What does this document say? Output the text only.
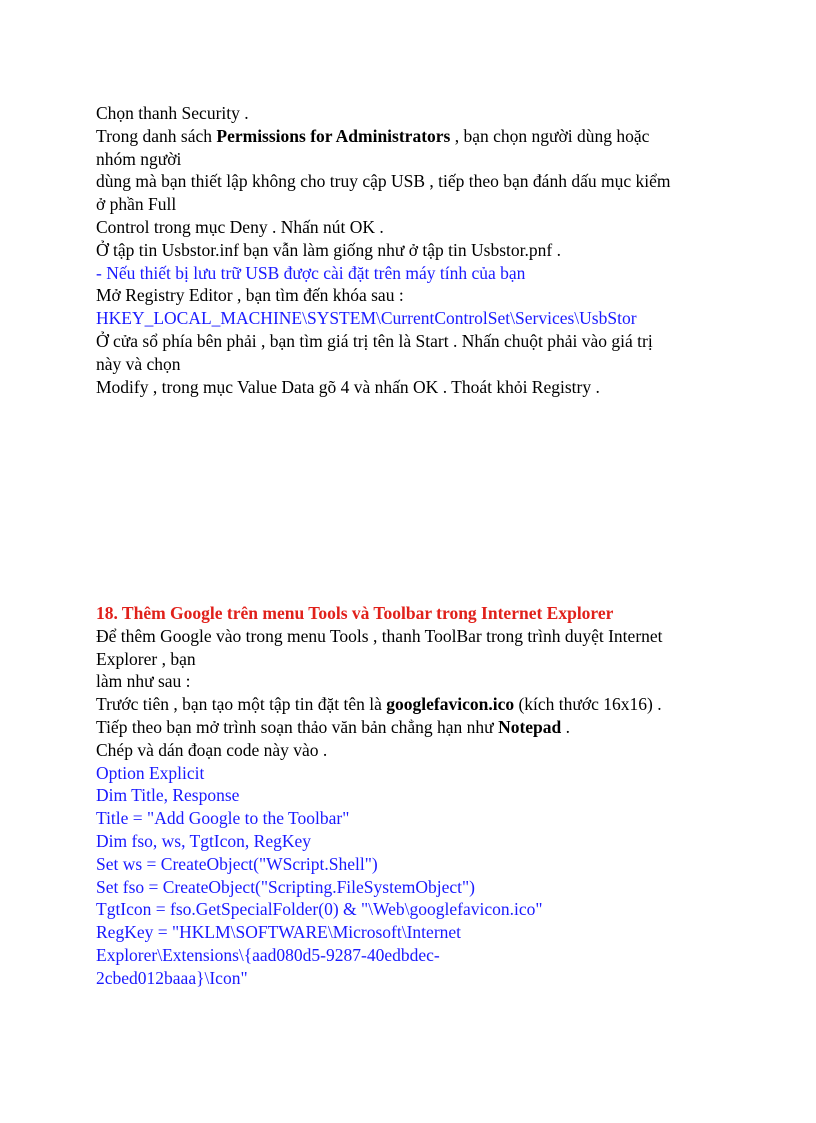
Chọn thanh Security .
Trong danh sách Permissions for Administrators , bạn chọn người dùng hoặc
nhóm người
dùng mà bạn thiết lập không cho truy cập USB , tiếp theo bạn đánh dấu mục kiểm
ở phần Full
Control trong mục Deny . Nhấn nút OK .
Ở tập tin Usbstor.inf bạn vẫn làm giống như ở tập tin Usbstor.pnf .
- Nếu thiết bị lưu trữ USB được cài đặt trên máy tính của bạn
Mở Registry Editor , bạn tìm đến khóa sau :
HKEY_LOCAL_MACHINE\SYSTEM\CurrentControlSet\Services\UsbStor
Ở cửa sổ phía bên phải , bạn tìm giá trị tên là Start . Nhấn chuột phải vào giá trị
này và chọn
Modify , trong mục Value Data gõ 4 và nhấn OK . Thoát khỏi Registry .
18. Thêm Google trên menu Tools và Toolbar trong Internet Explorer
Để thêm Google vào trong menu Tools , thanh ToolBar trong trình duyệt Internet
Explorer , bạn
làm như sau :
Trước tiên , bạn tạo một tập tin đặt tên là googlefavicon.ico (kích thước 16x16) .
Tiếp theo bạn mở trình soạn thảo văn bản chẳng hạn như Notepad .
Chép và dán đoạn code này vào .
Option Explicit
Dim Title, Response
Title = "Add Google to the Toolbar"
Dim fso, ws, TgtIcon, RegKey
Set ws = CreateObject("WScript.Shell")
Set fso = CreateObject("Scripting.FileSystemObject")
TgtIcon = fso.GetSpecialFolder(0) & "\Web\googlefavicon.ico"
RegKey = "HKLM\SOFTWARE\Microsoft\Internet
Explorer\Extensions\{aad080d5-9287-40edbdec-
2cbed012baaa}\Icon"
